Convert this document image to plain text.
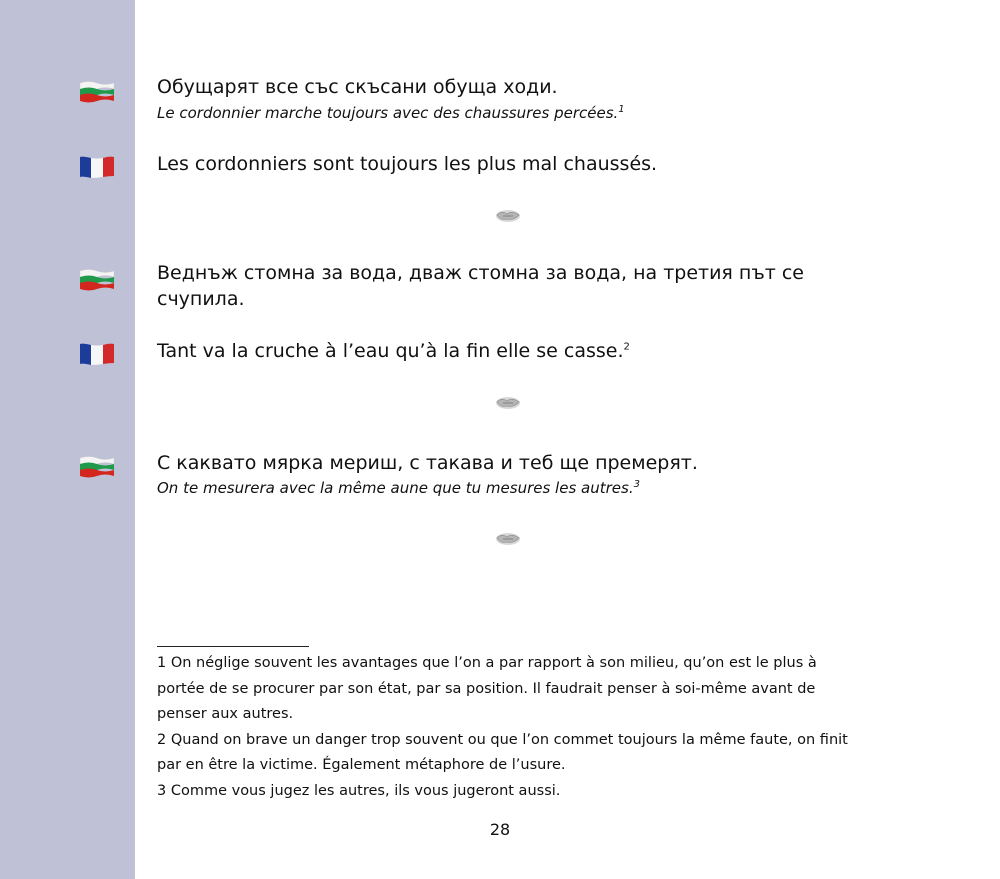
Обущарят все със скъсани обуща ходи.
Le cordonnier marche toujours avec des chaussures percées.$^1$
Les cordonniers sont toujours les plus mal chaussés.
Веднъж стомна за вода, дваж стомна за вода, на третия път се счупила.
Tant va la cruche à l’eau qu’à la fin elle se casse.$^2$
С каквато мярка мериш, с такава и теб ще премерят.
On te mesurera avec la même aune que tu mesures les autres.$^3$

1 On néglige souvent les avantages que l’on a par rapport à son milieu, qu’on est le plus à portée de se procurer par son état, par sa position. Il faudrait penser à soi-même avant de penser aux autres.

2 Quand on brave un danger trop souvent ou que l’on commet toujours la même faute, on finit par en être la victime. Également métaphore de l’usure.

3 Comme vous jugez les autres, ils vous jugeront aussi.

28
